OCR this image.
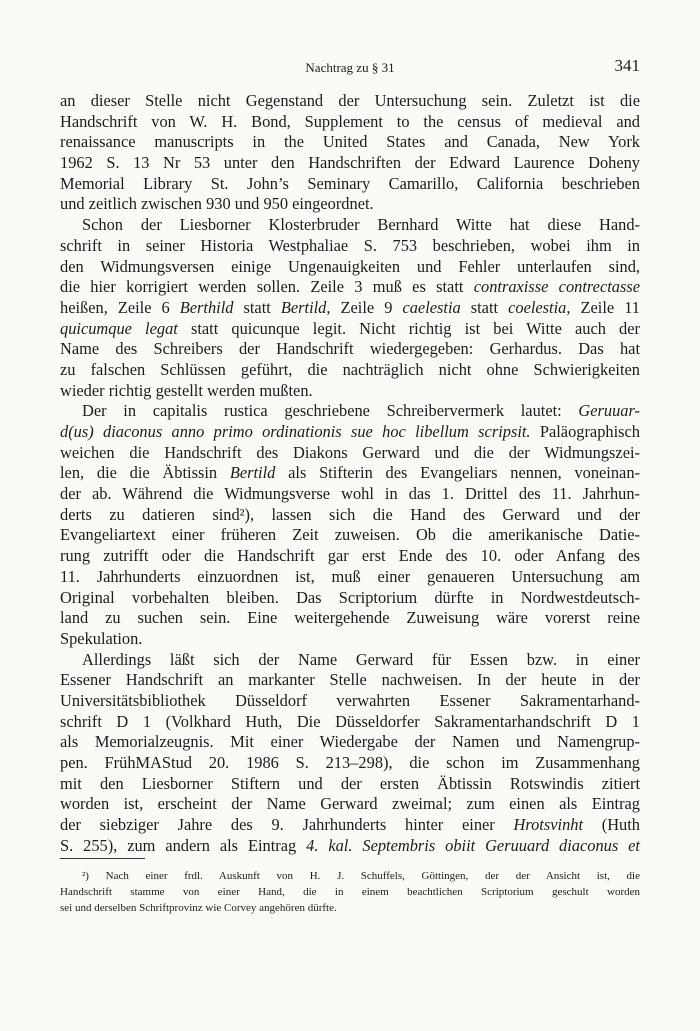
Nachtrag zu § 31	341
an dieser Stelle nicht Gegenstand der Untersuchung sein. Zuletzt ist die
Handschrift von W. H. Bond, Supplement to the census of medieval and
renaissance manuscripts in the United States and Canada, New York
1962 S. 13 Nr 53 unter den Handschriften der Edward Laurence Doheny
Memorial Library St. John’s Seminary Camarillo, California beschrieben
und zeitlich zwischen 930 und 950 eingeordnet.
Schon der Liesborner Klosterbruder Bernhard Witte hat diese Hand-
schrift in seiner Historia Westphaliae S. 753 beschrieben, wobei ihm in
den Widmungsversen einige Ungenauigkeiten und Fehler unterlaufen sind,
die hier korrigiert werden sollen. Zeile 3 muß es statt contraxisse contrectasse
heißen, Zeile 6 Berthild statt Bertild, Zeile 9 caelestia statt coelestia, Zeile 11
quicumque legat statt quicunque legit. Nicht richtig ist bei Witte auch der
Name des Schreibers der Handschrift wiedergegeben: Gerhardus. Das hat
zu falschen Schlüssen geführt, die nachträglich nicht ohne Schwierigkeiten
wieder richtig gestellt werden mußten.
Der in capitalis rustica geschriebene Schreibervermerk lautet: Geruuar-
d(us) diaconus anno primo ordinationis sue hoc libellum scripsit. Paläographisch
weichen die Handschrift des Diakons Gerward und die der Widmungszei-
len, die die Äbtissin Bertild als Stifterin des Evangeliars nennen, voneinan-
der ab. Während die Widmungsverse wohl in das 1. Drittel des 11. Jahrhun-
derts zu datieren sind²), lassen sich die Hand des Gerward und der
Evangeliartext einer früheren Zeit zuweisen. Ob die amerikanische Datie-
rung zutrifft oder die Handschrift gar erst Ende des 10. oder Anfang des
11. Jahrhunderts einzuordnen ist, muß einer genaueren Untersuchung am
Original vorbehalten bleiben. Das Scriptorium dürfte in Nordwestdeutsch-
land zu suchen sein. Eine weitergehende Zuweisung wäre vorerst reine
Spekulation.
Allerdings läßt sich der Name Gerward für Essen bzw. in einer
Essener Handschrift an markanter Stelle nachweisen. In der heute in der
Universitätsbibliothek Düsseldorf verwahrten Essener Sakramentarhand-
schrift D 1 (Volkhard Huth, Die Düsseldorfer Sakramentarhandschrift D 1
als Memorialzeugnis. Mit einer Wiedergabe der Namen und Namengrup-
pen. FrühMAStud 20. 1986 S. 213–298), die schon im Zusammenhang
mit den Liesborner Stiftern und der ersten Äbtissin Rotswindis zitiert
worden ist, erscheint der Name Gerward zweimal; zum einen als Eintrag
der siebziger Jahre des 9. Jahrhunderts hinter einer Hrotsvinht (Huth
S. 255), zum andern als Eintrag 4. kal. Septembris obiit Geruuard diaconus et
²) Nach einer frdl. Auskunft von H. J. Schuffels, Göttingen, der der Ansicht ist, die
Handschrift stamme von einer Hand, die in einem beachtlichen Scriptorium geschult worden
sei und derselben Schriftprovinz wie Corvey angehören dürfte.
